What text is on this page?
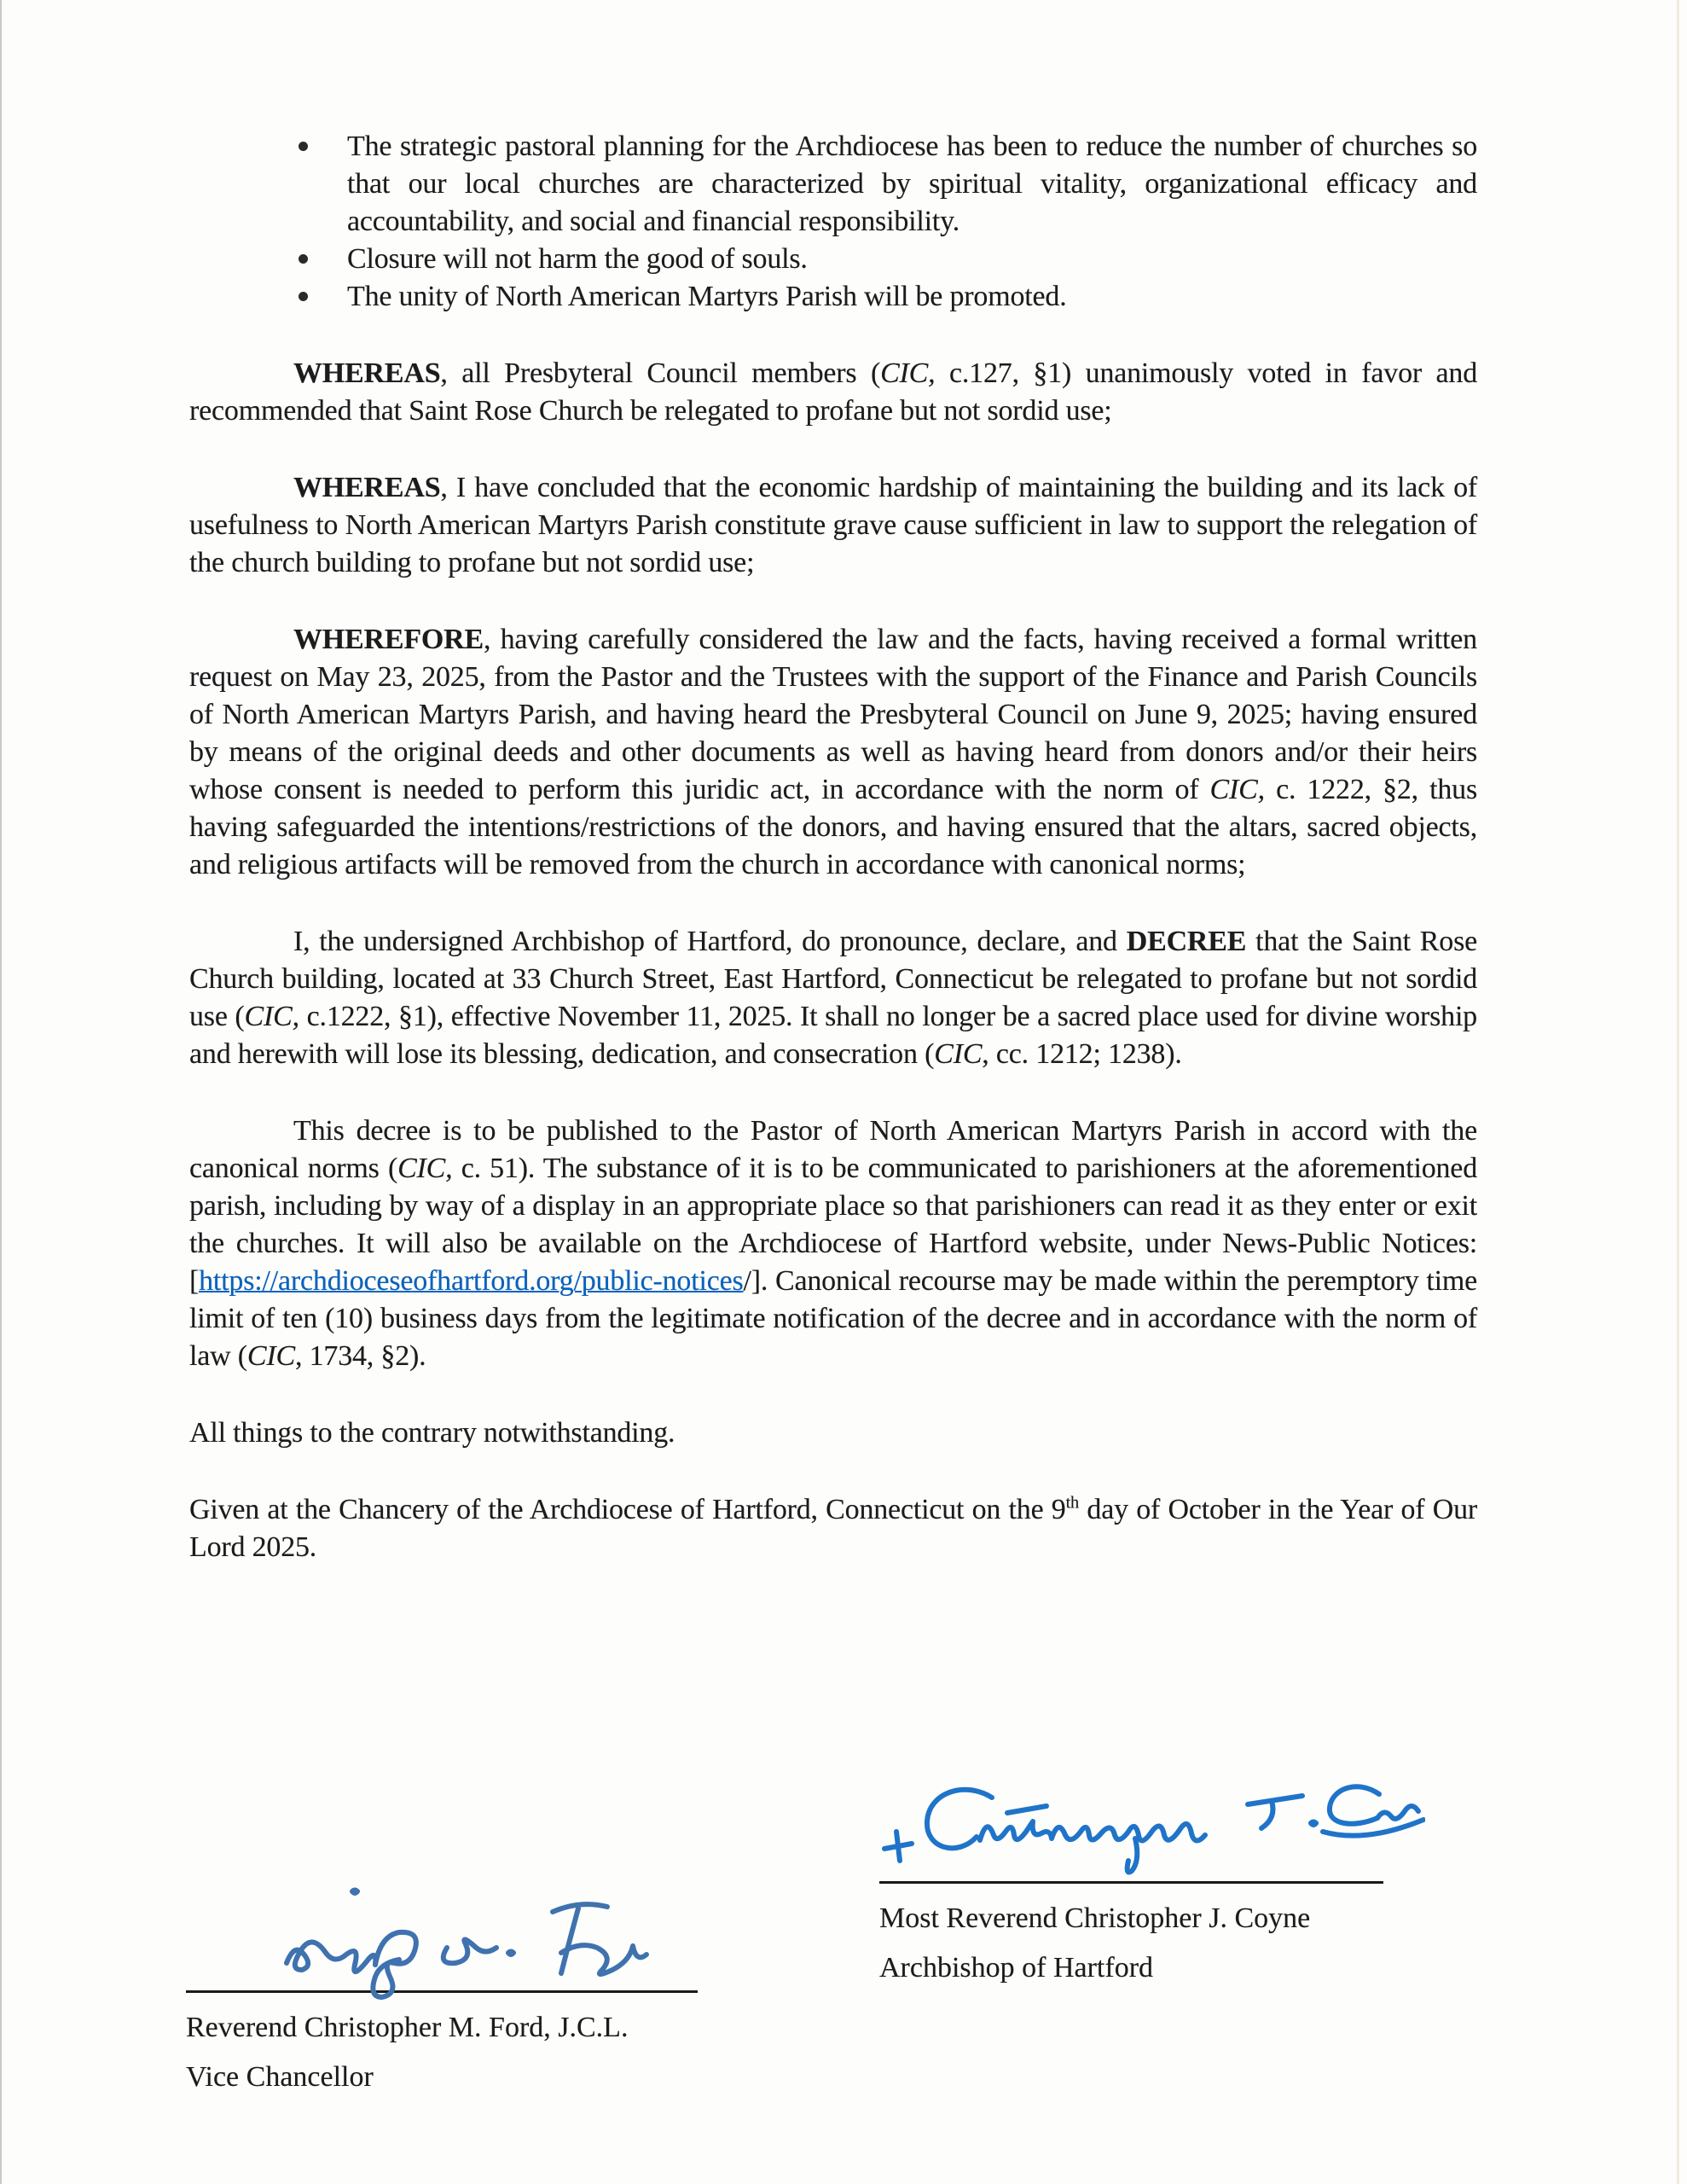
The strategic pastoral planning for the Archdiocese has been to reduce the number of churches so that our local churches are characterized by spiritual vitality, organizational efficacy and accountability, and social and financial responsibility.
Closure will not harm the good of souls.
The unity of North American Martyrs Parish will be promoted.

WHEREAS, all Presbyteral Council members (CIC, c.127, §1) unanimously voted in favor and recommended that Saint Rose Church be relegated to profane but not sordid use;

WHEREAS, I have concluded that the economic hardship of maintaining the building and its lack of usefulness to North American Martyrs Parish constitute grave cause sufficient in law to support the relegation of the church building to profane but not sordid use;

WHEREFORE, having carefully considered the law and the facts, having received a formal written request on May 23, 2025, from the Pastor and the Trustees with the support of the Finance and Parish Councils of North American Martyrs Parish, and having heard the Presbyteral Council on June 9, 2025; having ensured by means of the original deeds and other documents as well as having heard from donors and/or their heirs whose consent is needed to perform this juridic act, in accordance with the norm of CIC, c. 1222, §2, thus having safeguarded the intentions/restrictions of the donors, and having ensured that the altars, sacred objects, and religious artifacts will be removed from the church in accordance with canonical norms;

I, the undersigned Archbishop of Hartford, do pronounce, declare, and DECREE that the Saint Rose Church building, located at 33 Church Street, East Hartford, Connecticut be relegated to profane but not sordid use (CIC, c.1222, §1), effective November 11, 2025. It shall no longer be a sacred place used for divine worship and herewith will lose its blessing, dedication, and consecration (CIC, cc. 1212; 1238).

This decree is to be published to the Pastor of North American Martyrs Parish in accord with the canonical norms (CIC, c. 51). The substance of it is to be communicated to parishioners at the aforementioned parish, including by way of a display in an appropriate place so that parishioners can read it as they enter or exit the churches. It will also be available on the Archdiocese of Hartford website, under News-Public Notices: [https://archdioceseofhartford.org/public-notices/]. Canonical recourse may be made within the peremptory time limit of ten (10) business days from the legitimate notification of the decree and in accordance with the norm of law (CIC, 1734, §2).

All things to the contrary notwithstanding.

Given at the Chancery of the Archdiocese of Hartford, Connecticut on the 9th day of October in the Year of Our Lord 2025.

Most Reverend Christopher J. Coyne
Archbishop of Hartford
Reverend Christopher M. Ford, J.C.L.
Vice Chancellor
